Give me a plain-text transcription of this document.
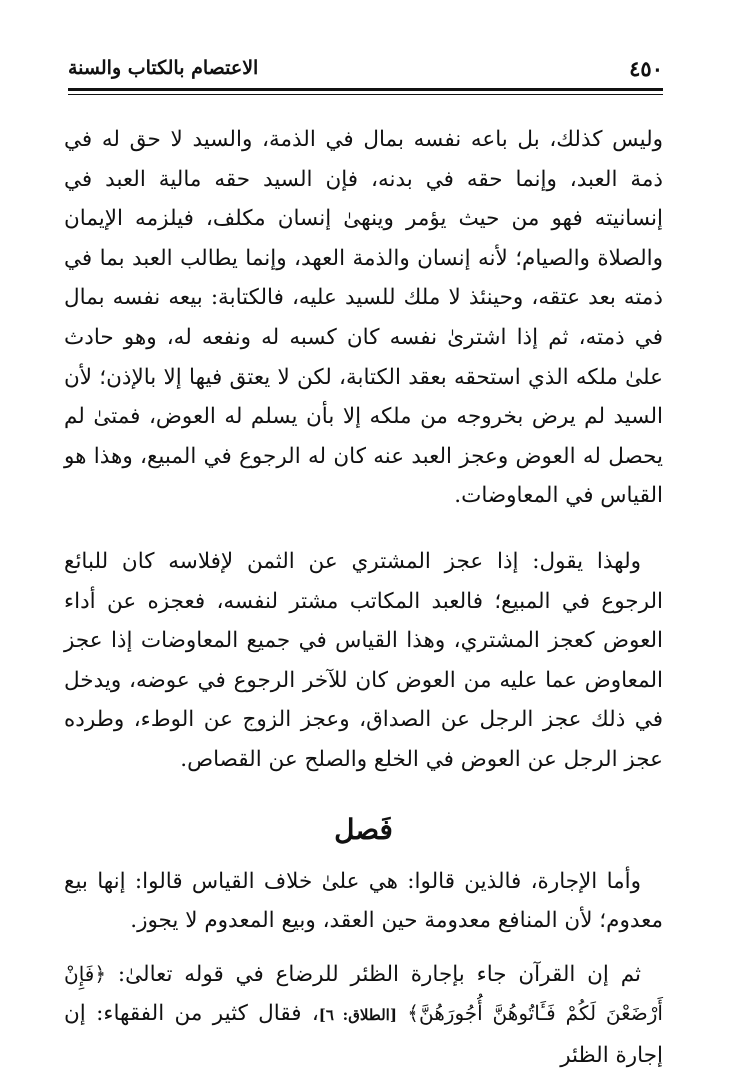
٤٥٠
الاعتصام بالكتاب والسنة

وليس كذلك، بل باعه نفسه بمال في الذمة، والسيد لا حق له في ذمة العبد، وإنما حقه في بدنه، فإن السيد حقه مالية العبد في إنسانيته فهو من حيث يؤمر وينهىٰ إنسان مكلف، فيلزمه الإيمان والصلاة والصيام؛ لأنه إنسان والذمة العهد، وإنما يطالب العبد بما في ذمته بعد عتقه، وحينئذ لا ملك للسيد عليه، فالكتابة: بيعه نفسه بمال في ذمته، ثم إذا اشترىٰ نفسه كان كسبه له ونفعه له، وهو حادث علىٰ ملكه الذي استحقه بعقد الكتابة، لكن لا يعتق فيها إلا بالإذن؛ لأن السيد لم يرض بخروجه من ملكه إلا بأن يسلم له العوض، فمتىٰ لم يحصل له العوض وعجز العبد عنه كان له الرجوع في المبيع، وهذا هو القياس في المعاوضات.

ولهذا يقول: إذا عجز المشتري عن الثمن لإفلاسه كان للبائع الرجوع في المبيع؛ فالعبد المكاتب مشتر لنفسه، فعجزه عن أداء العوض كعجز المشتري، وهذا القياس في جميع المعاوضات إذا عجز المعاوض عما عليه من العوض كان للآخر الرجوع في عوضه، ويدخل في ذلك عجز الرجل عن الصداق، وعجز الزوج عن الوطء، وطرده عجز الرجل عن العوض في الخلع والصلح عن القصاص.

فَصل

وأما الإجارة، فالذين قالوا: هي علىٰ خلاف القياس قالوا: إنها بيع معدوم؛ لأن المنافع معدومة حين العقد، وبيع المعدوم لا يجوز.

ثم إن القرآن جاء بإجارة الظئر للرضاع في قوله تعالىٰ: ﴿فَإِنْ أَرْضَعْنَ لَكُمْ فَـَٔاتُوهُنَّ أُجُورَهُنَّ﴾ [الطلاق: ٦]، فقال كثير من الفقهاء: إن إجارة الظئر
